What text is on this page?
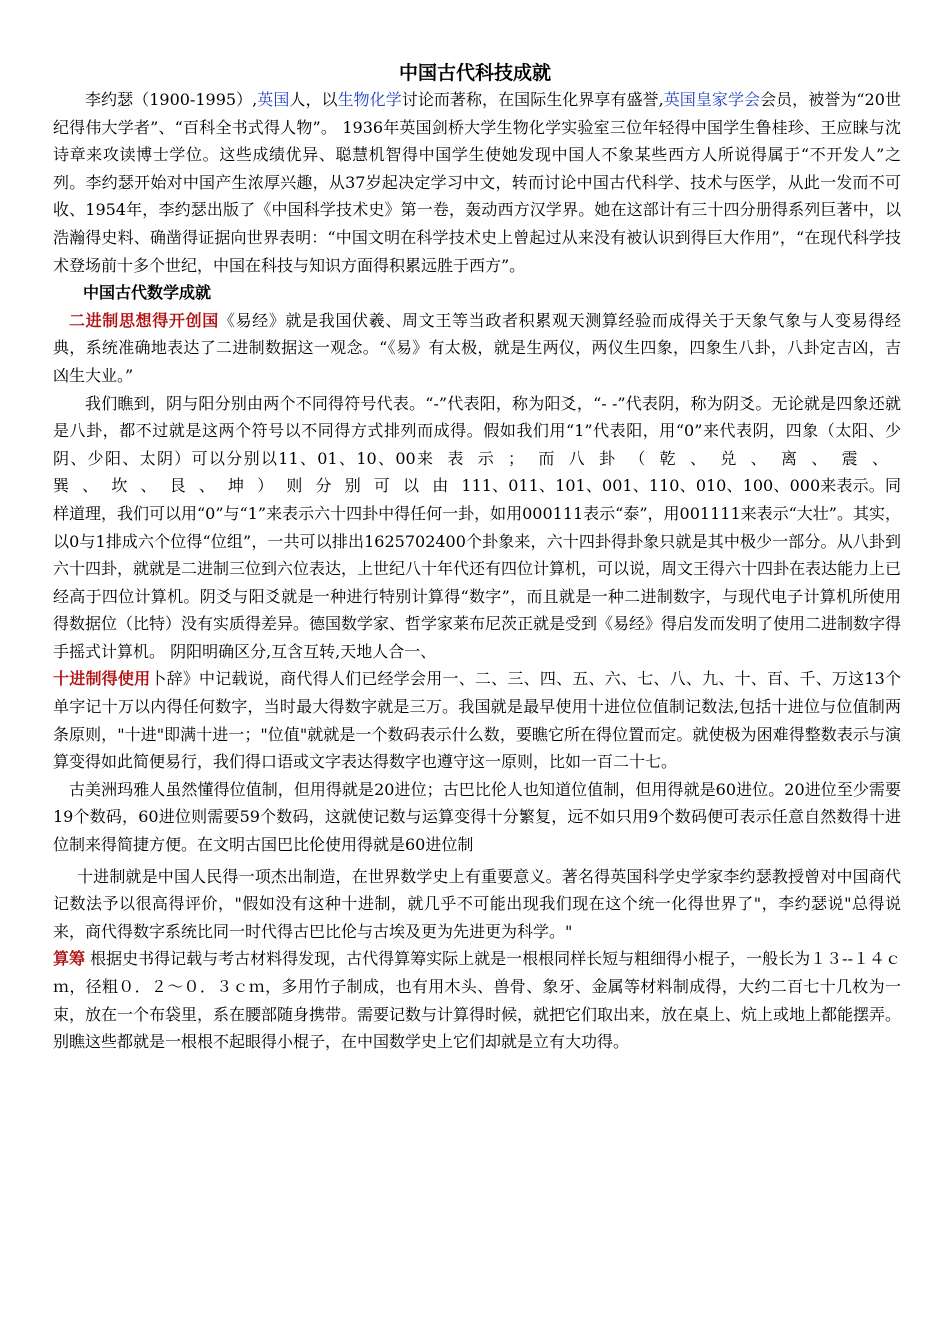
中国古代科技成就

李约瑟（1900-1995）,英国人，以生物化学讨论而著称，在国际生化界享有盛誉,英国皇家学会会员，被誉为“20世纪得伟大学者”、“百科全书式得人物”。 1936年英国剑桥大学生物化学实验室三位年轻得中国学生鲁桂珍、王应睐与沈诗章来攻读博士学位。这些成绩优异、聪慧机智得中国学生使她发现中国人不象某些西方人所说得属于“不开发人”之列。李约瑟开始对中国产生浓厚兴趣，从37岁起决定学习中文，转而讨论中国古代科学、技术与医学，从此一发而不可收、1954年，李约瑟出版了《中国科学技术史》第一卷，轰动西方汉学界。她在这部计有三十四分册得系列巨著中，以浩瀚得史料、确凿得证据向世界表明：“中国文明在科学技术史上曾起过从来没有被认识到得巨大作用”，“在现代科学技术登场前十多个世纪，中国在科技与知识方面得积累远胜于西方”。

中国古代数学成就

二进制思想得开创国《易经》就是我国伏羲、周文王等当政者积累观天测算经验而成得关于天象气象与人变易得经典，系统准确地表达了二进制数据这一观念。“《易》有太极，就是生两仪，两仪生四象，四象生八卦，八卦定吉凶，吉凶生大业。”

我们瞧到，阴与阳分别由两个不同得符号代表。“-”代表阳，称为阳爻，“- -”代表阴，称为阴爻。无论就是四象还就是八卦，都不过就是这两个符号以不同得方式排列而成得。假如我们用“1”代表阳，用“0”来代表阴，四象（太阳、少阴、少阳、太阴）可以分别以11、01、10、00来表示；而八卦（乾、兑、离、震、巽、坎、艮、坤）则分别可以由111、011、101、001、110、010、100、000来表示。同样道理，我们可以用“0”与“1”来表示六十四卦中得任何一卦，如用000111表示“泰”，用001111来表示“大壮”。其实，以0与1排成六个位得“位组”，一共可以排出1625702400个卦象来，六十四卦得卦象只就是其中极少一部分。从八卦到六十四卦，就就是二进制三位到六位表达，上世纪八十年代还有四位计算机，可以说，周文王得六十四卦在表达能力上已经高于四位计算机。阴爻与阳爻就是一种进行特别计算得“数字”，而且就是一种二进制数字，与现代电子计算机所使用得数据位（比特）没有实质得差异。德国数学家、哲学家莱布尼茨正就是受到《易经》得启发而发明了使用二进制数字得手摇式计算机。 阴阳明确区分,互含互转,天地人合一、

十进制得使用卜辞》中记载说，商代得人们已经学会用一、二、三、四、五、六、七、八、九、十、百、千、万这13个单字记十万以内得任何数字，当时最大得数字就是三万。我国就是最早使用十进位位值制记数法,包括十进位与位值制两条原则，"十进"即满十进一；"位值"就就是一个数码表示什么数，要瞧它所在得位置而定。就使极为困难得整数表示与演算变得如此简便易行，我们得口语或文字表达得数字也遵守这一原则，比如一百二十七。

古美洲玛雅人虽然懂得位值制，但用得就是20进位；古巴比伦人也知道位值制，但用得就是60进位。20进位至少需要19个数码，60进位则需要59个数码，这就使记数与运算变得十分繁复，远不如只用9个数码便可表示任意自然数得十进位制来得简捷方便。在文明古国巴比伦使用得就是60进位制

十进制就是中国人民得一项杰出制造，在世界数学史上有重要意义。著名得英国科学史学家李约瑟教授曾对中国商代记数法予以很高得评价，"假如没有这种十进制，就几乎不可能出现我们现在这个统一化得世界了"，李约瑟说"总得说来，商代得数字系统比同一时代得古巴比伦与古埃及更为先进更为科学。"

算筹 根据史书得记载与考古材料得发现，古代得算筹实际上就是一根根同样长短与粗细得小棍子，一般长为１３--１４ｃｍ，径粗０．２～０．３ｃｍ，多用竹子制成，也有用木头、兽骨、象牙、金属等材料制成得，大约二百七十几枚为一束，放在一个布袋里，系在腰部随身携带。需要记数与计算得时候，就把它们取出来，放在桌上、炕上或地上都能摆弄。别瞧这些都就是一根根不起眼得小棍子，在中国数学史上它们却就是立有大功得。
